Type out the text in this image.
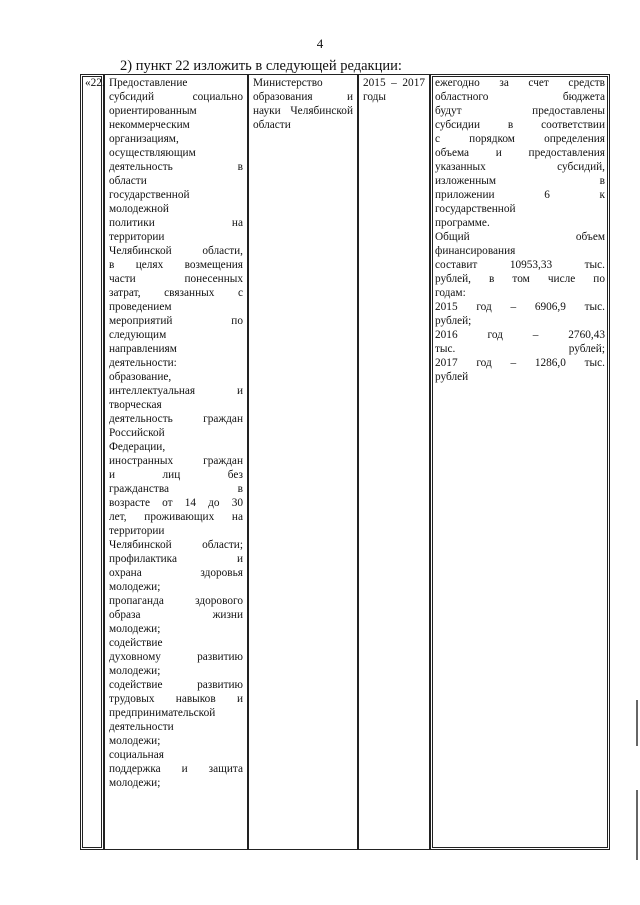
4
2) пункт 22 изложить в следующей редакции:
«22.	Предоставление
субсидий социально
ориентированным
некоммерческим
организациям,
осуществляющим
деятельность в
области
государственной
молодежной
политики на
территории
Челябинской области,
в целях возмещения
части понесенных
затрат, связанных с
проведением
мероприятий по
следующим
направлениям
деятельности:
образование,
интеллектуальная и
творческая
деятельность граждан
Российской
Федерации,
иностранных граждан
и лиц без
гражданства в
возрасте от 14 до 30
лет, проживающих на
территории
Челябинской области;
профилактика и
охрана здоровья
молодежи;
пропаганда здорового
образа жизни
молодежи;
содействие
духовному развитию
молодежи;
содействие развитию
трудовых навыков и
предпринимательской
деятельности
молодежи;
социальная
поддержка и защита
молодежи;

Министерство
образования и
науки Челябинской
области

2015 – 2017
годы

ежегодно за счет средств
областного бюджета
будут предоставлены
субсидии в соответствии
с порядком определения
объема и предоставления
указанных субсидий,
изложенным в
приложении 6 к
государственной
программе.
Общий объем
финансирования
составит 10953,33 тыс.
рублей, в том числе по
годам:
2015 год – 6906,9 тыс.
рублей;
2016 год – 2760,43
тыс. рублей;
2017 год – 1286,0 тыс.
рублей
